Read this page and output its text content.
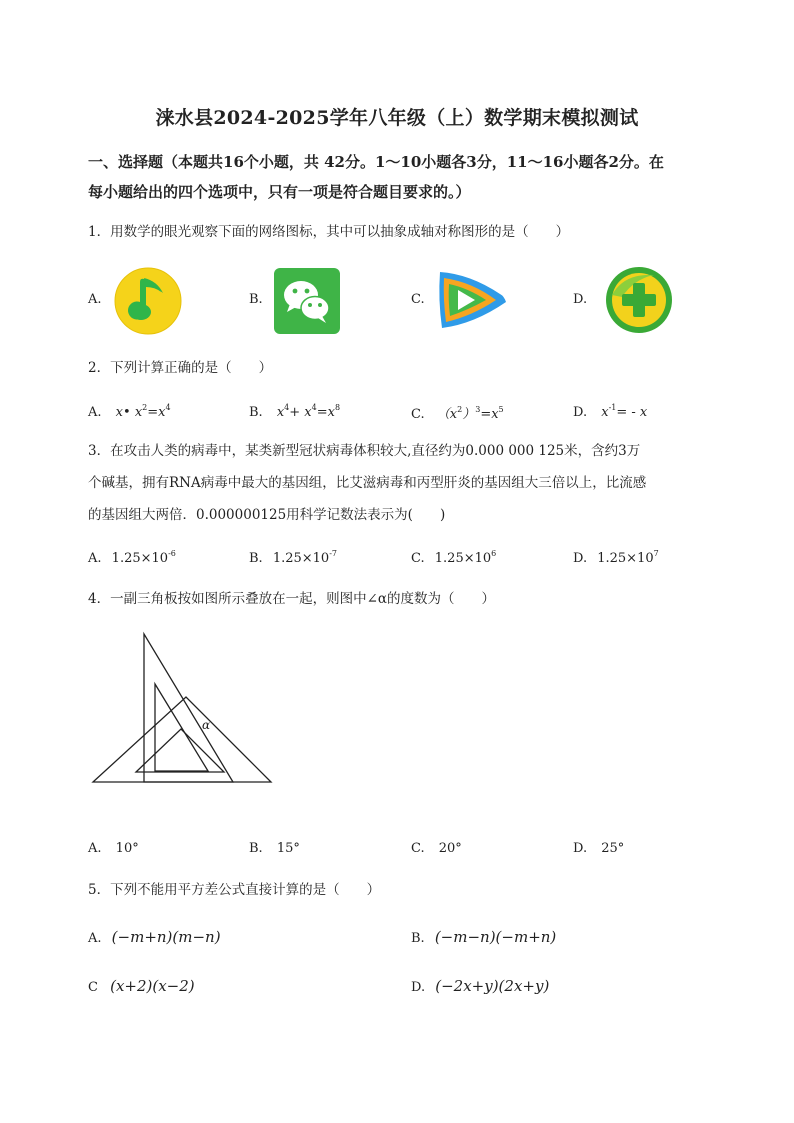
涞水县2024-2025学年八年级（上）数学期末模拟测试
一、选择题（本题共16个小题，共 42分。1～10小题各3分，11～16小题各2分。在
每小题给出的四个选项中，只有一项是符合题目要求的。）
1．用数学的眼光观察下面的网络图标，其中可以抽象成轴对称图形的是（　　）
A.	B.	C.	D.
2．下列计算正确的是（　　）
A. x• $x^2=x^4$	B. $x^4+ x^4=x^8$	C. $(x^2)^3=x^5$	D. $x^{-1}= - x$
3．在攻击人类的病毒中，某类新型冠状病毒体积较大,直径约为0.000 000 125米，含约3万
个碱基，拥有RNA病毒中最大的基因组，比艾滋病毒和丙型肝炎的基因组大三倍以上，比流感
的基因组大两倍．0.000000125用科学记数法表示为(　　)
A. $1.25\times 10^{-6}$	B. $1.25\times 10^{-7}$	C. $1.25\times 10^6$	D. $1.25\times 10^7$
4．一副三角板按如图所示叠放在一起，则图中∠α的度数为（　　）
α
A. 10°	B. 15°	C. 20°	D. 25°
5．下列不能用平方差公式直接计算的是（　　）
A. (−m+n)(m−n)	B. (−m−n)(−m+n)
C (x+2)(x−2)	D. (−2x+y)(2x+y)
